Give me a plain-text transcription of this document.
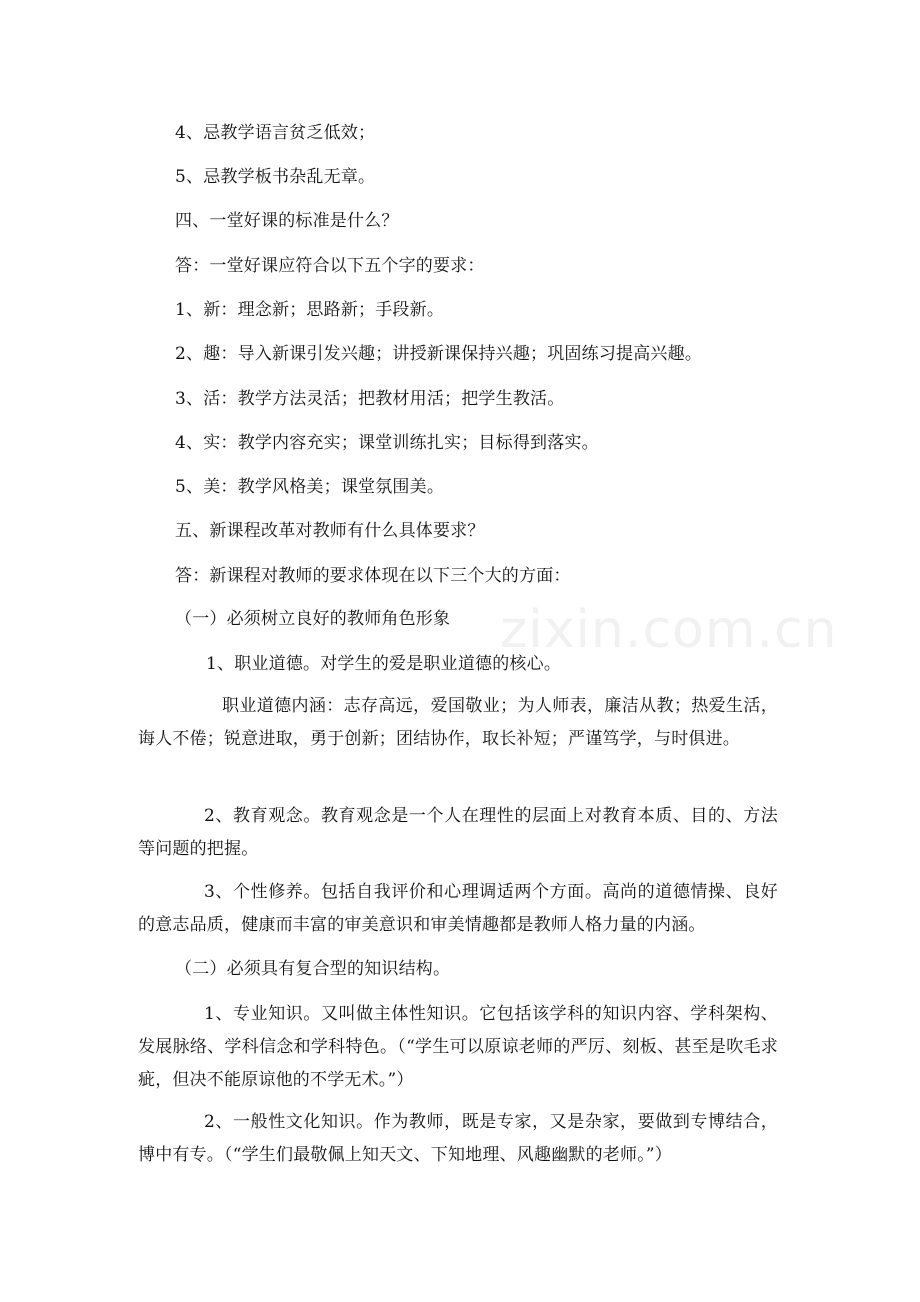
zixin.com.cn
4、忌教学语言贫乏低效；
5、忌教学板书杂乱无章。
四、一堂好课的标准是什么？
答：一堂好课应符合以下五个字的要求：
1、新：理念新；思路新；手段新。
2、趣：导入新课引发兴趣；讲授新课保持兴趣；巩固练习提高兴趣。
3、活：教学方法灵活；把教材用活；把学生教活。
4、实：教学内容充实；课堂训练扎实；目标得到落实。
5、美：教学风格美；课堂氛围美。
五、新课程改革对教师有什么具体要求？
答：新课程对教师的要求体现在以下三个大的方面：
（一）必须树立良好的教师角色形象
1、职业道德。对学生的爱是职业道德的核心。
职业道德内涵：志存高远，爱国敬业；为人师表，廉洁从教；热爱生活，诲人不倦；锐意进取，勇于创新；团结协作，取长补短；严谨笃学，与时俱进。
2、教育观念。教育观念是一个人在理性的层面上对教育本质、目的、方法等问题的把握。
3、个性修养。包括自我评价和心理调适两个方面。高尚的道德情操、良好的意志品质，健康而丰富的审美意识和审美情趣都是教师人格力量的内涵。
（二）必须具有复合型的知识结构。
1、专业知识。又叫做主体性知识。它包括该学科的知识内容、学科架构、发展脉络、学科信念和学科特色。（“学生可以原谅老师的严厉、刻板、甚至是吹毛求疵，但决不能原谅他的不学无术。”）
2、一般性文化知识。作为教师，既是专家，又是杂家，要做到专博结合，博中有专。（“学生们最敬佩上知天文、下知地理、风趣幽默的老师。”）
